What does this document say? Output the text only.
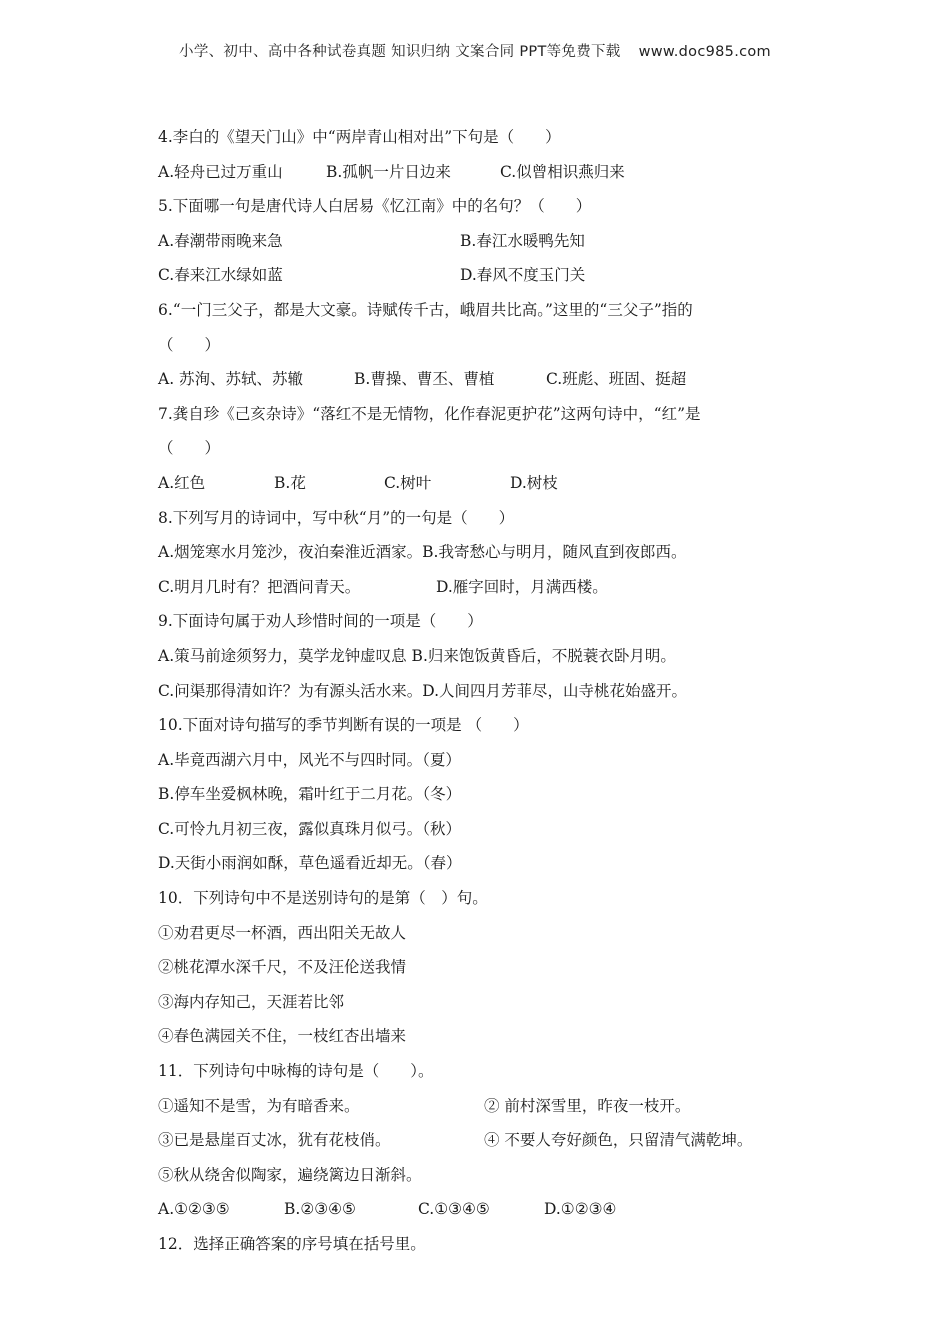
小学、初中、高中各种试卷真题 知识归纳 文案合同 PPT等免费下载 www.doc985.com
4.李白的《望天门山》中“两岸青山相对出”下句是（　　）
A.轻舟已过万重山	B.孤帆一片日边来	C.似曾相识燕归来
5.下面哪一句是唐代诗人白居易《忆江南》中的名句？（　　）
A.春潮带雨晚来急	B.春江水暖鸭先知
C.春来江水绿如蓝	D.春风不度玉门关
6.“一门三父子，都是大文豪。诗赋传千古，峨眉共比高。”这里的“三父子”指的
（　　）
A. 苏洵、苏轼、苏辙	B.曹操、曹丕、曹植	C.班彪、班固、挺超
7.龚自珍《己亥杂诗》“落红不是无情物，化作春泥更护花”这两句诗中，“红”是
（　　）
A.红色	B.花	C.树叶	D.树枝
8.下列写月的诗词中，写中秋“月”的一句是（　　）
A.烟笼寒水月笼沙，夜泊秦淮近酒家。B.我寄愁心与明月，随风直到夜郎西。
C.明月几时有？把酒问青天。	D.雁字回时，月满西楼。
9.下面诗句属于劝人珍惜时间的一项是（　　）
A.策马前途须努力，莫学龙钟虚叹息 B.归来饱饭黄昏后，不脱蓑衣卧月明。
C.问渠那得清如许？为有源头活水来。D.人间四月芳菲尽，山寺桃花始盛开。
10.下面对诗句描写的季节判断有误的一项是 （　　）
A.毕竟西湖六月中，风光不与四时同。（夏）
B.停车坐爱枫林晚，霜叶红于二月花。（冬）
C.可怜九月初三夜，露似真珠月似弓。（秋）
D.天街小雨润如酥，草色遥看近却无。（春）
10．下列诗句中不是送别诗句的是第（　）句。
①劝君更尽一杯酒，西出阳关无故人
②桃花潭水深千尺，不及汪伦送我情
③海内存知己，天涯若比邻
④春色满园关不住，一枝红杏出墙来
11．下列诗句中咏梅的诗句是（　　）。
①遥知不是雪，为有暗香来。	② 前村深雪里，昨夜一枝开。
③已是悬崖百丈冰，犹有花枝俏。	④ 不要人夸好颜色，只留清气满乾坤。
⑤秋从绕舍似陶家，遍绕篱边日渐斜。
A.①②③⑤	B.②③④⑤	C.①③④⑤	D.①②③④
12．选择正确答案的序号填在括号里。
